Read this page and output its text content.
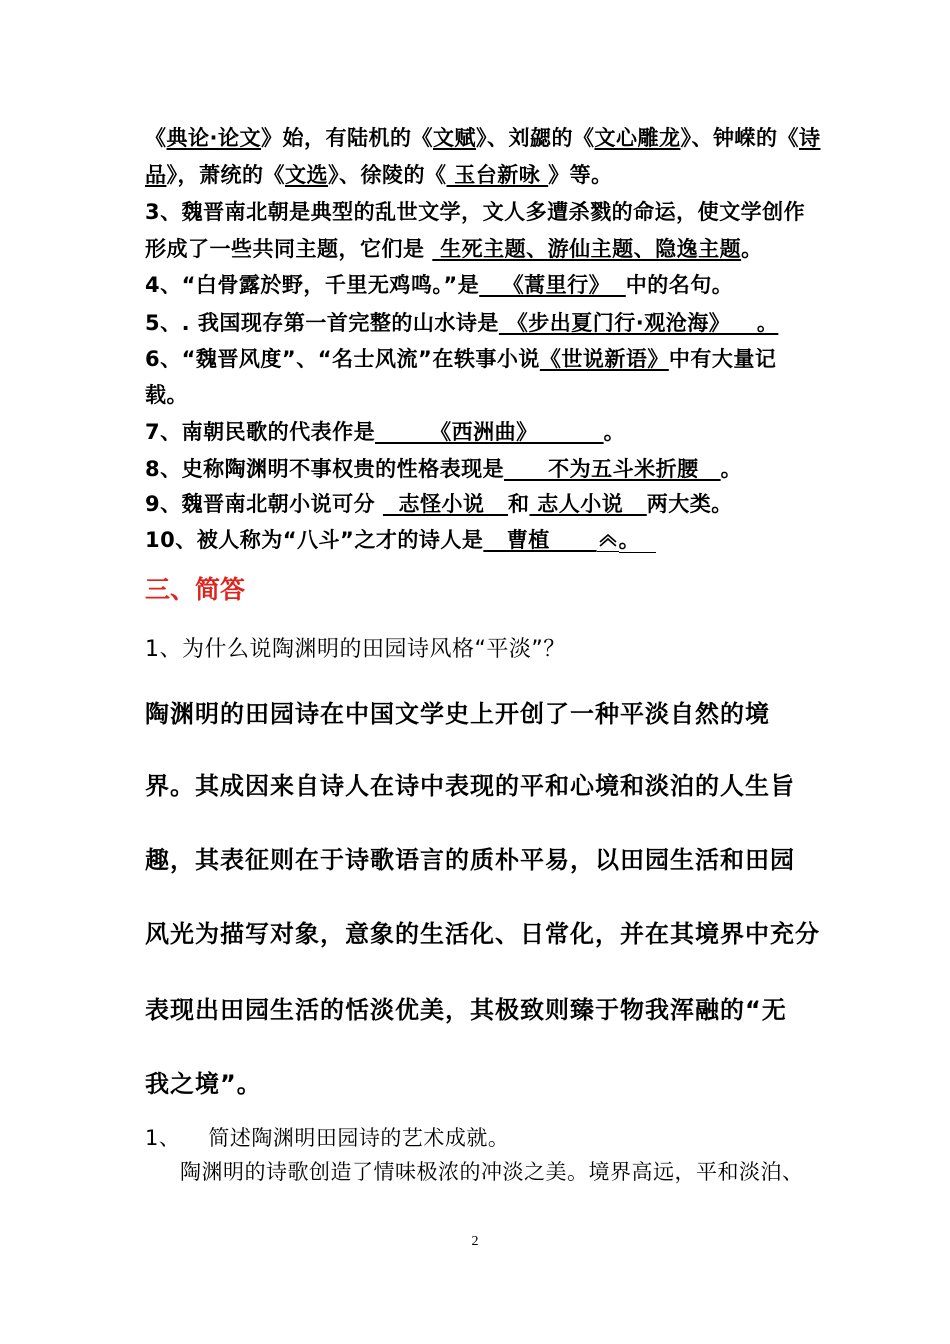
《典论·论文》始，有陆机的《文赋》、刘勰的《文心雕龙》、钟嵘的《诗
品》，萧统的《文选》、徐陵的《 玉台新咏 》等。
3、魏晋南北朝是典型的乱世文学，文人多遭杀戮的命运，使文学创作
形成了一些共同主题，它们是  生死主题、游仙主题、隐逸主题。
4、“白骨露於野，千里无鸡鸣。”是   《蒿里行》  中的名句。
5、. 我国现存第一首完整的山水诗是 《步出夏门行·观沧海》  _。
6、“魏晋风度”、“名士风流”在轶事小说《世说新语》中有大量记
载。
7、南朝民歌的代表作是_____《西洲曲》______。
8、史称陶渊明不事权贵的性格表现是____不为五斗米折腰__。
9、魏晋南北朝小说可分   志怪小说   和 志人小说   两大类。
10、被人称为“八斗”之才的诗人是   曹植
。
三、简答
1、为什么说陶渊明的田园诗风格“平淡”？
陶渊明的田园诗在中国文学史上开创了一种平淡自然的境
界。其成因来自诗人在诗中表现的平和心境和淡泊的人生旨
趣，其表征则在于诗歌语言的质朴平易，以田园生活和田园
风光为描写对象，意象的生活化、日常化，并在其境界中充分
表现出田园生活的恬淡优美，其极致则臻于物我浑融的“无
我之境”。
1、 简述陶渊明田园诗的艺术成就。
陶渊明的诗歌创造了情味极浓的冲淡之美。境界高远，平和淡泊、
2
